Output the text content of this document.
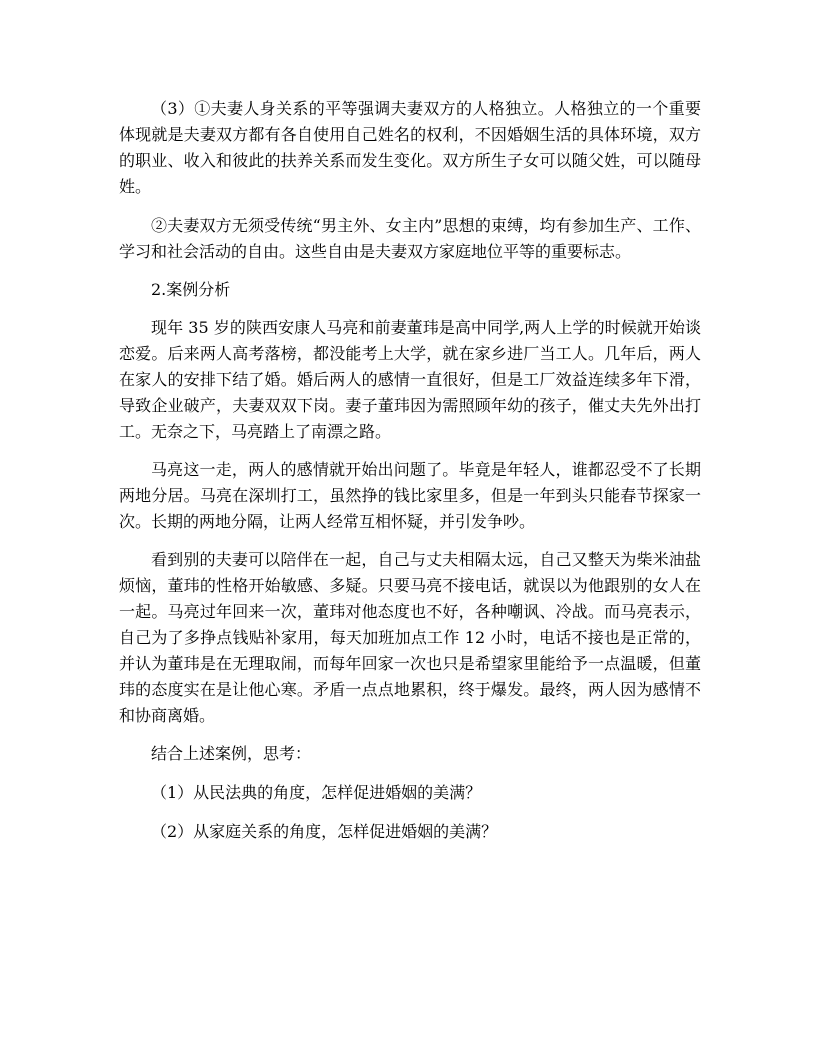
（3）①夫妻人身关系的平等强调夫妻双方的人格独立。人格独立的一个重要体现就是夫妻双方都有各自使用自己姓名的权利，不因婚姻生活的具体环境，双方的职业、收入和彼此的扶养关系而发生变化。双方所生子女可以随父姓，可以随母姓。

②夫妻双方无须受传统“男主外、女主内”思想的束缚，均有参加生产、工作、学习和社会活动的自由。这些自由是夫妻双方家庭地位平等的重要标志。

2.案例分析

现年 35 岁的陕西安康人马亮和前妻董玮是高中同学,两人上学的时候就开始谈恋爱。后来两人高考落榜，都没能考上大学，就在家乡进厂当工人。几年后，两人在家人的安排下结了婚。婚后两人的感情一直很好，但是工厂效益连续多年下滑，导致企业破产，夫妻双双下岗。妻子董玮因为需照顾年幼的孩子，催丈夫先外出打工。无奈之下，马亮踏上了南漂之路。

马亮这一走，两人的感情就开始出问题了。毕竟是年轻人，谁都忍受不了长期两地分居。马亮在深圳打工，虽然挣的钱比家里多，但是一年到头只能春节探家一次。长期的两地分隔，让两人经常互相怀疑，并引发争吵。

看到别的夫妻可以陪伴在一起，自己与丈夫相隔太远，自己又整天为柴米油盐烦恼，董玮的性格开始敏感、多疑。只要马亮不接电话，就误以为他跟别的女人在一起。马亮过年回来一次，董玮对他态度也不好，各种嘲讽、冷战。而马亮表示，自己为了多挣点钱贴补家用，每天加班加点工作 12 小时，电话不接也是正常的，并认为董玮是在无理取闹，而每年回家一次也只是希望家里能给予一点温暖，但董玮的态度实在是让他心寒。矛盾一点点地累积，终于爆发。最终，两人因为感情不和协商离婚。

结合上述案例，思考：

（1）从民法典的角度，怎样促进婚姻的美满？

（2）从家庭关系的角度，怎样促进婚姻的美满？
